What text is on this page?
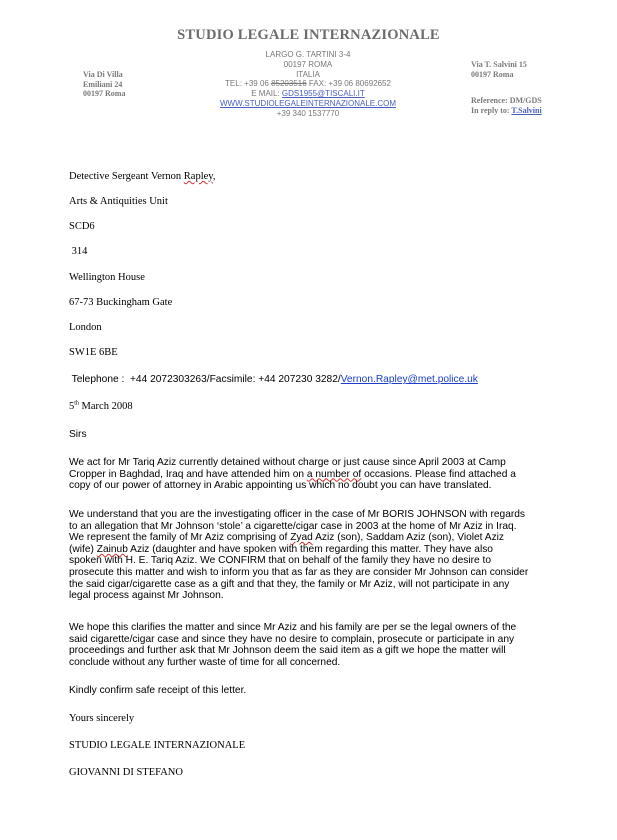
STUDIO LEGALE INTERNAZIONALE
Via Di Villa
Emiliani 24
00197 Roma
LARGO G. TARTINI 3-4
00197 ROMA
ITALIA
TEL: +39 06 85203516 FAX: +39 06 80692652
E MAIL: GDS1955@TISCALI.IT
WWW.STUDIOLEGALEINTERNAZIONALE.COM
+39 340 1537770
Via T. Salvini 15
00197 Roma
Reference: DM/GDS
In reply to: T.Salvini
Detective Sergeant Vernon Rapley,
Arts & Antiquities Unit
SCD6
314
Wellington House
67-73 Buckingham Gate
London
SW1E 6BE
Telephone :  +44 2072303263/Facsimile: +44 207230 3282/Vernon.Rapley@met.police.uk
5th March 2008
Sirs
We act for Mr Tariq Aziz currently detained without charge or just cause since April 2003 at Camp
Cropper in Baghdad, Iraq and have attended him on a number of occasions. Please find attached a
copy of our power of attorney in Arabic appointing us which no doubt you can have translated.
We understand that you are the investigating officer in the case of Mr BORIS JOHNSON with regards
to an allegation that Mr Johnson ‘stole’ a cigarette/cigar case in 2003 at the home of Mr Aziz in Iraq.
We represent the family of Mr Aziz comprising of Zyad Aziz (son), Saddam Aziz (son), Violet Aziz
(wife) Zainub Aziz (daughter and have spoken with them regarding this matter. They have also
spoken with H. E. Tariq Aziz. We CONFIRM that on behalf of the family they have no desire to
prosecute this matter and wish to inform you that as far as they are consider Mr Johnson can consider
the said cigar/cigarette case as a gift and that they, the family or Mr Aziz, will not participate in any
legal process against Mr Johnson.
We hope this clarifies the matter and since Mr Aziz and his family are per se the legal owners of the
said cigarette/cigar case and since they have no desire to complain, prosecute or participate in any
proceedings and further ask that Mr Johnson deem the said item as a gift we hope the matter will
conclude without any further waste of time for all concerned.
Kindly confirm safe receipt of this letter.
Yours sincerely
STUDIO LEGALE INTERNAZIONALE
GIOVANNI DI STEFANO
